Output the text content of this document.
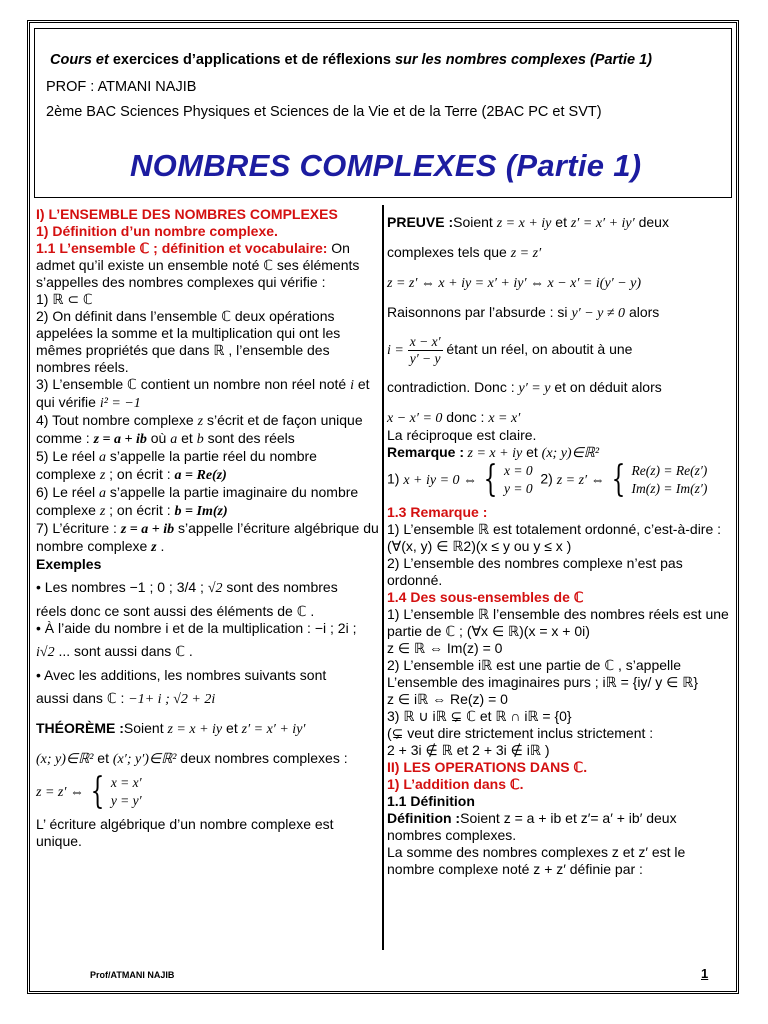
Cours et exercices d’applications et de réflexions sur les nombres complexes (Partie 1)
PROF : ATMANI NAJIB
2ème BAC Sciences Physiques et Sciences de la Vie et de la Terre (2BAC PC et SVT)
NOMBRES COMPLEXES (Partie 1)

I) L’ENSEMBLE DES NOMBRES COMPLEXES

1) Définition d’un nombre complexe.

1.1 L’ensemble ℂ ; définition et vocabulaire: On admet qu’il existe un ensemble noté ℂ ses éléments s’appelles des nombres complexes qui vérifie :

1) ℝ ⊂ ℂ

2) On définit dans l’ensemble ℂ deux opérations appelées la somme et la multiplication qui ont les mêmes propriétés que dans ℝ , l’ensemble des nombres réels.

3) L’ensemble ℂ contient un nombre non réel noté i et qui vérifie i² = −1

4) Tout nombre complexe z s’écrit et de façon unique comme : z = a + ib où a et b sont des réels

5) Le réel a s’appelle la partie réel du nombre complexe z ; on écrit : a = Re(z)

6) Le réel a s’appelle la partie imaginaire du nombre complexe z ; on écrit : b = Im(z)

7) L’écriture : z = a + ib s’appelle l’écriture algébrique du nombre complexe z .

Exemples

• Les nombres −1 ; 0 ; 3/4 ; √2 sont des nombres

réels donc ce sont aussi des éléments de ℂ .

• À l’aide du nombre i et de la multiplication : −i ; 2i ;

i√2 ... sont aussi dans ℂ .

• Avec les additions, les nombres suivants sont

aussi dans ℂ : −1+ i ; √2 + 2i

THÉORÈME :Soient z = x + iy et z′ = x′ + iy′

(x; y)∈ℝ² et (x′; y′)∈ℝ² deux nombres complexes :

z = z′ ⇔ { x = x′
y = y′

L’ écriture algébrique d’un nombre complexe est unique.

PREUVE :Soient z = x + iy et z′ = x′ + iy′ deux

complexes tels que z = z′

z = z′ ⇔ x + iy = x′ + iy′ ⇔ x − x′ = i(y′ − y)

Raisonnons par l’absurde : si y′ − y ≠ 0 alors

$i = \frac{x - x'}{y' - y}$ étant un réel, on aboutit à une

contradiction. Donc : y′ = y et on déduit alors

x − x′ = 0 donc : x = x′

La réciproque est claire.

Remarque : z = x + iy et (x; y)∈ℝ²

1) x + iy = 0 ⇔ { x = 0
y = 0
2) z = z′ ⇔ { Re(z) = Re(z′)
Im(z) = Im(z′)

1.3 Remarque :

1) L’ensemble ℝ est totalement ordonné, c’est-à-dire : (∀(x, y) ∈ ℝ2)(x ≤ y ou y ≤ x )

2) L’ensemble des nombres complexe n’est pas ordonné.

1.4 Des sous-ensembles de ℂ

1) L’ensemble ℝ l’ensemble des nombres réels est une partie de ℂ ; (∀x ∈ ℝ)(x = x + 0i)

z ∈ ℝ ⇔ Im(z) = 0

2) L’ensemble iℝ est une partie de ℂ , s’appelle L’ensemble des imaginaires purs ; iℝ = {iy/ y ∈ ℝ}

z ∈ iℝ ⇔ Re(z) = 0

3) ℝ ∪ iℝ ⊊ ℂ et ℝ ∩ iℝ = {0}

(⊊ veut dire strictement inclus strictement :

2 + 3i ∉ ℝ et 2 + 3i ∉ iℝ )

II) LES OPERATIONS DANS ℂ.

1) L’addition dans ℂ.

1.1 Définition

Définition :Soient z = a + ib et z′= a′ + ib′ deux nombres complexes.

La somme des nombres complexes z et z′ est le nombre complexe noté z + z′ définie par :

Prof/ATMANI NAJIB	1
